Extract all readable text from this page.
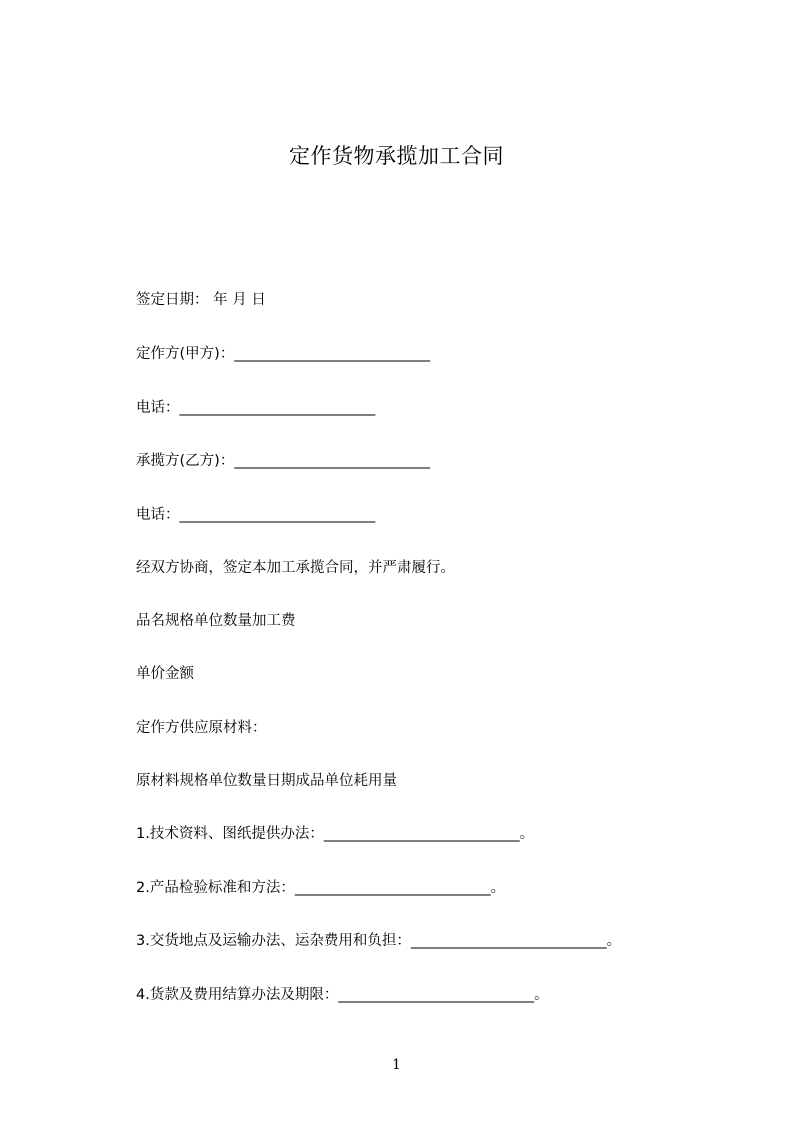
定作货物承揽加工合同
签定日期： 年 月 日
定作方(甲方)：___________________________
电话：___________________________
承揽方(乙方)：___________________________
电话：___________________________
经双方协商，签定本加工承揽合同，并严肃履行。
品名规格单位数量加工费
单价金额
定作方供应原材料：
原材料规格单位数量日期成品单位耗用量
1.技术资料、图纸提供办法：___________________________。
2.产品检验标准和方法：___________________________。
3.交货地点及运输办法、运杂费用和负担：___________________________。
4.货款及费用结算办法及期限：___________________________。
1
